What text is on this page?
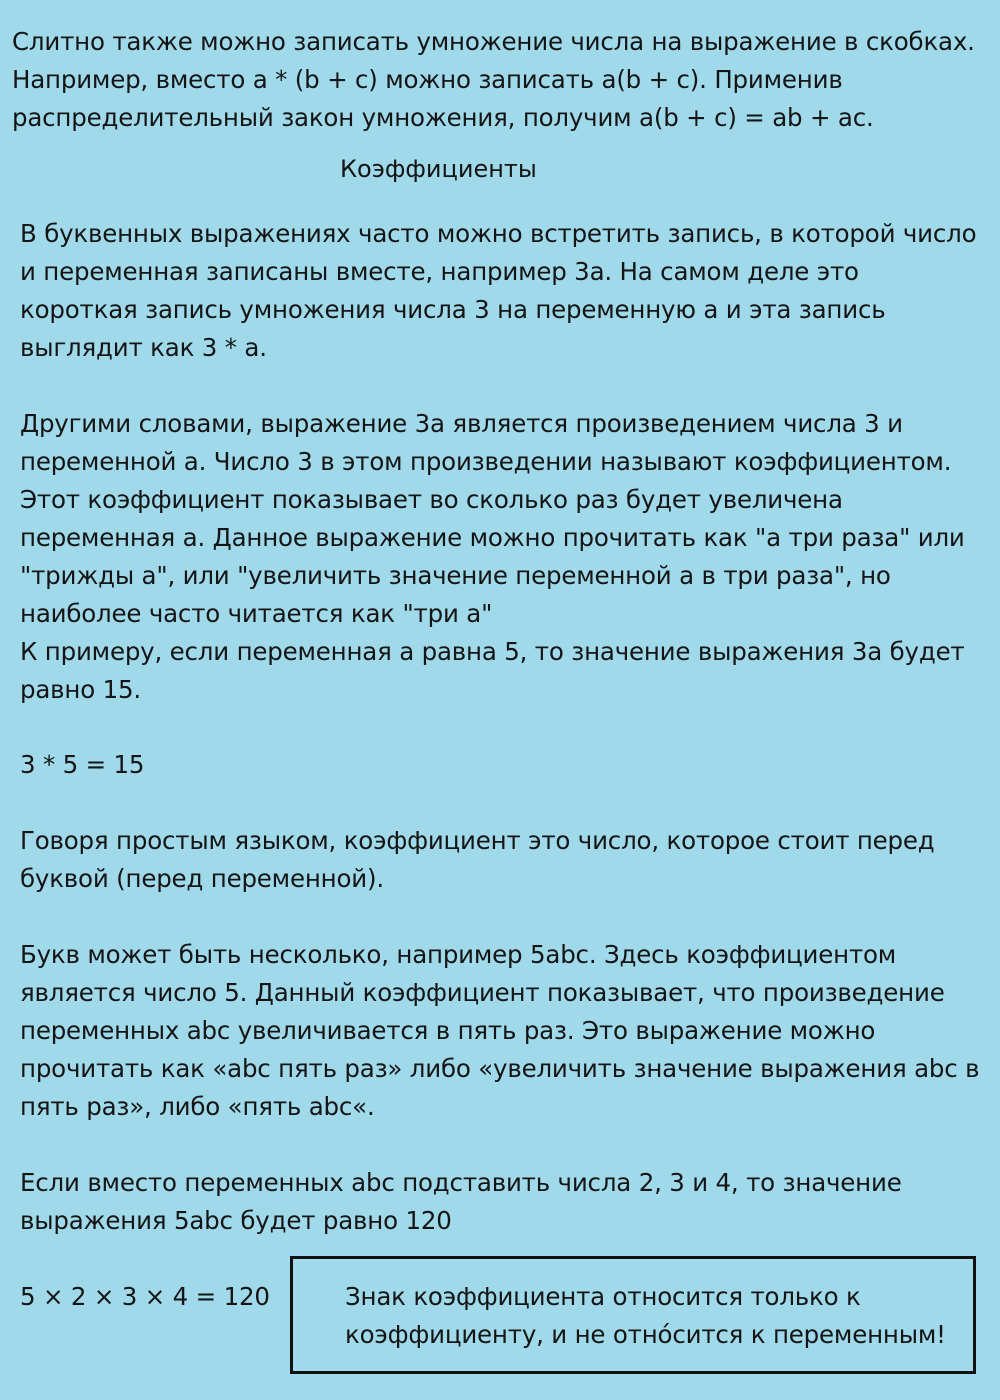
Слитно также можно записать умножение числа на выражение в скобках.

Например, вместо a * (b + c) можно записать a(b + c). Применив

распределительный закон умножения, получим a(b + c) = ab + ac.

Коэффициенты

В буквенных выражениях часто можно встретить запись, в которой число

и переменная записаны вместе, например 3a. На самом деле это

короткая запись умножения числа 3 на переменную a и эта запись

выглядит как 3 * a.

Другими словами, выражение 3a является произведением числа 3 и

переменной a. Число 3 в этом произведении называют коэффициентом.

Этот коэффициент показывает во сколько раз будет увеличена

переменная a. Данное выражение можно прочитать как "a три раза" или

"трижды a", или "увеличить значение переменной a в три раза", но

наиболее часто читается как "три a"

К примеру, если переменная a равна 5, то значение выражения 3a будет

равно 15.

3 * 5 = 15

Говоря простым языком, коэффициент это число, которое стоит перед

буквой (перед переменной).

Букв может быть несколько, например 5abc. Здесь коэффициентом

является число 5. Данный коэффициент показывает, что произведение

переменных abc увеличивается в пять раз. Это выражение можно

прочитать как «abc пять раз» либо «увеличить значение выражения abc в

пять раз», либо «пять abc«.

Если вместо переменных abc подставить числа 2, 3 и 4, то значение

выражения 5abc будет равно 120

5 × 2 × 3 × 4 = 120	Знак коэффициента относится только к

коэффициенту, и не отно́сится к переменным!
